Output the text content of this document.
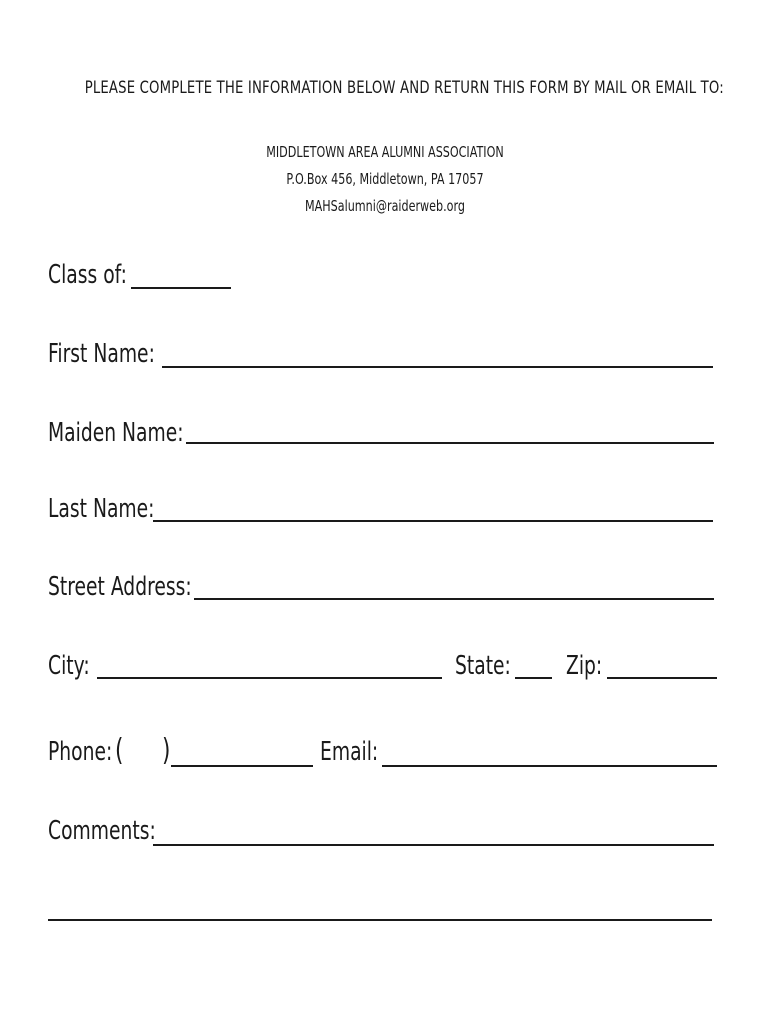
PLEASE COMPLETE THE INFORMATION BELOW AND RETURN THIS FORM BY MAIL OR EMAIL TO:
MIDDLETOWN AREA ALUMNI ASSOCIATION
P.O.Box 456, Middletown, PA 17057
MAHSalumni@raiderweb.org
Class of:
First Name:
Maiden Name:
Last Name:
Street Address:
City:	State: Zip:
Phone: ( )	Email:
Comments:
